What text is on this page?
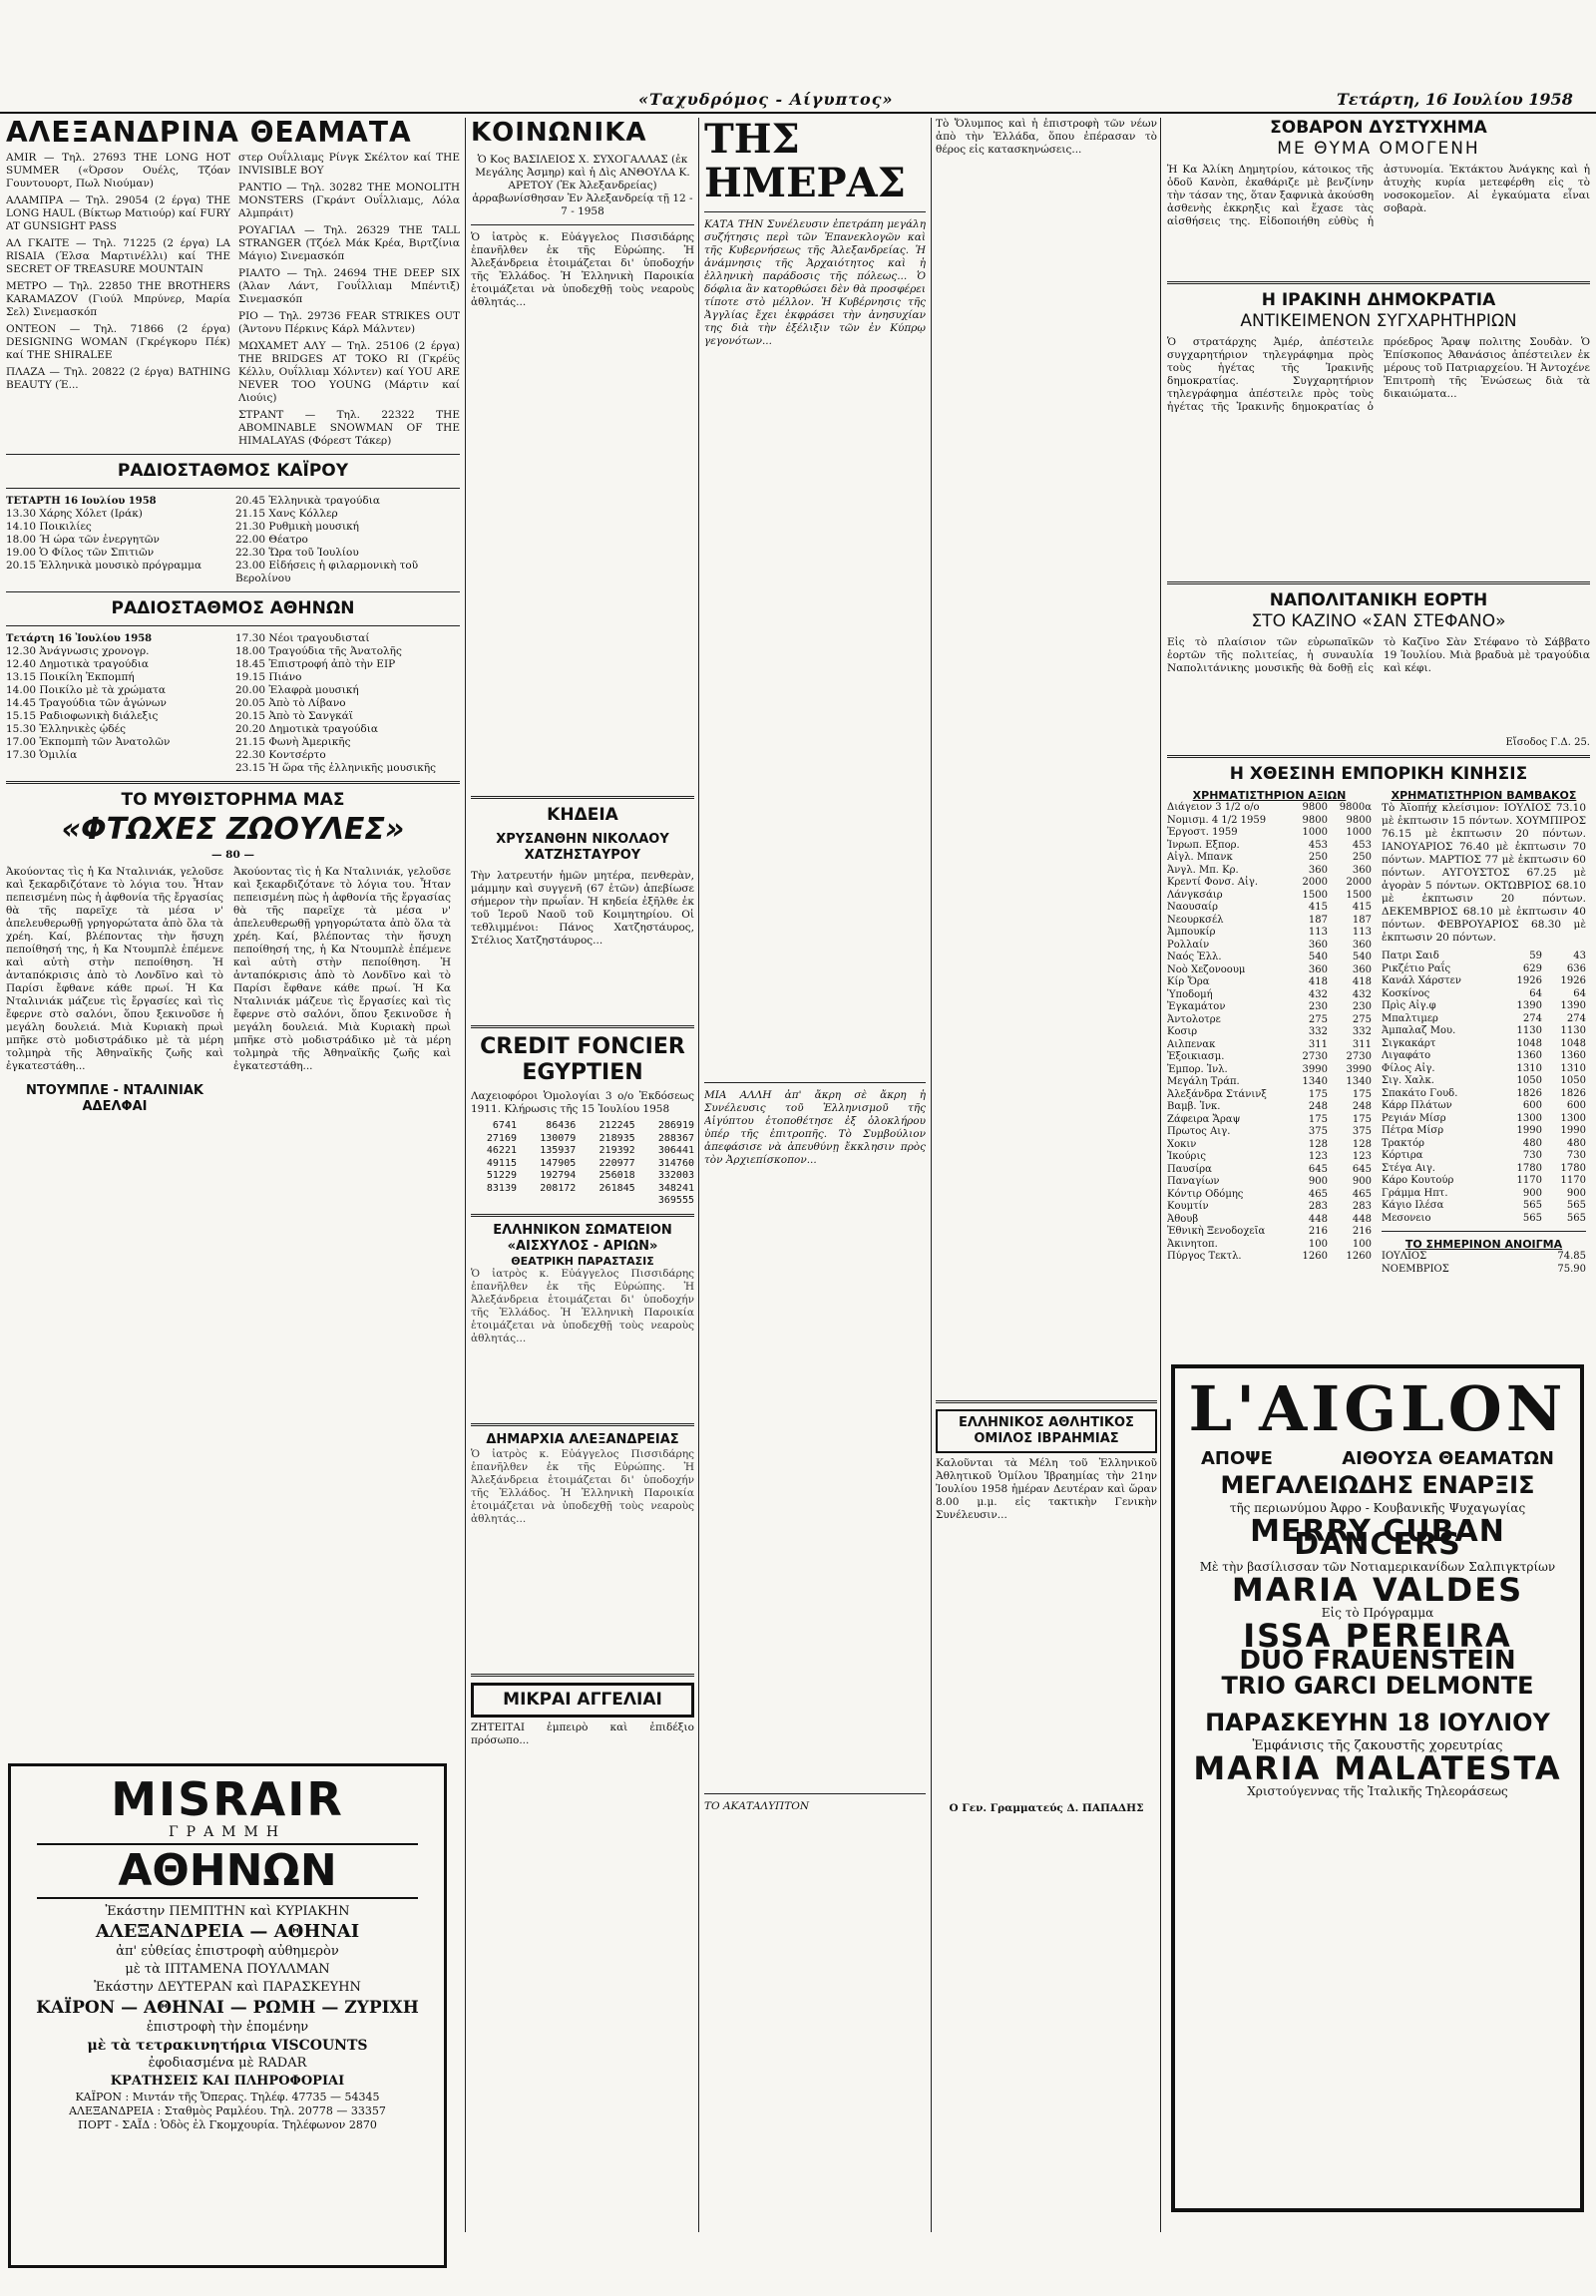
«Ταχυδρόμος - Αίγυπτος»	Τετάρτη, 16 Ιουλίου 1958
ΑΛΕΞΑΝΔΡΙΝΑ ΘΕΑΜΑΤΑ
AMIR — Τηλ. 27693 THE LONG HOT SUMMER («Όρσον Ουέλς, Τζόαν Γουντουορτ, Πωλ Νιούμαν)
ΑΛΑΜΠΡΑ — Τηλ. 29054 (2 έργα) THE LONG HAUL (Βίκτωρ Ματιούρ) καί FURY AT GUNSIGHT PASS
ΑΛ ΓΚΑΙΤΕ — Τηλ. 71225 (2 έργα) LA RISAIA (Έλσα Μαρτινέλλι) καί THE SECRET OF TREASURE MOUNTAIN
ΜΕΤΡΟ — Τηλ. 22850 THE BROTHERS KARAMAZOV (Γιούλ Μπρύνερ, Μαρία Σελ) Σινεμασκόπ
ΟΝΤΕΟΝ — Τηλ. 71866 (2 έργα) DESIGNING WOMAN (Γκρέγκορυ Πέκ) καί THE SHIRALEE
ΠΛΑΖΑ — Τηλ. 20822 (2 έργα) BATHING BEAUTY (Έ...
στερ Ουΐλλιαμς Ρίνγκ Σκέλτον καί THE INVISIBLE BOY
ΡΑΝΤΙΟ — Τηλ. 30282 THE MONOLITH MONSTERS (Γκράντ Ουΐλλιαμς, Λόλα Αλμπράιτ)
ΡΟΥΑΓΙΑΛ — Τηλ. 26329 THE TALL STRANGER (Τζόελ Μάκ Κρέα, Βιρτζίνια Μάγιο) Σινεμασκόπ
ΡΙΑΛΤΟ — Τηλ. 24694 THE DEEP SIX (Άλαν Λάντ, Γουΐλλιαμ Μπέντιξ) Σινεμασκόπ
ΡΙΟ — Τηλ. 29736 FEAR STRIKES OUT (Άντονυ Πέρκινς Κάρλ Μάλντεν)
ΜΩΧΑΜΕΤ ΑΛΥ — Τηλ. 25106 (2 έργα) THE BRIDGES AT TOKO RI (Γκρέϋς Κέλλυ, Ουΐλλιαμ Χόλντεν) καί YOU ARE NEVER TOO YOUNG (Μάρτιν καί Λιούις)
ΣΤΡΑΝΤ — Τηλ. 22322 THE ABOMINABLE SNOWMAN OF THE HIMALAYAS (Φόρεστ Τάκερ)
ΡΑΔΙΟΣΤΑΘΜΟΣ ΚΑΪΡΟΥ
ΤΕΤΑΡΤΗ 16 Ιουλίου 1958
13.30 Χάρης Χόλετ (Ιράκ)
14.10 Ποικιλίες
18.00 Ή ώρα τῶν ἐνεργητῶν
19.00 Ὁ Φίλος τῶν Σπιτιῶν
20.15 Ἑλληνικὰ μουσικὸ πρόγραμμα
20.45 Ἑλληνικὰ τραγούδια
21.15 Χανς Κόλλερ
21.30 Ρυθμικὴ μουσική
22.00 Θέατρο
22.30 Ὥρα τοῦ Ἰουλίου
23.00 Εἰδήσεις ἡ φιλαρμονικὴ τοῦ Βερολίνου
ΡΑΔΙΟΣΤΑΘΜΟΣ ΑΘΗΝΩΝ
Τετάρτη 16 Ἰουλίου 1958
12.30 Ἀνάγνωσις χρονογρ.
12.40 Δημοτικὰ τραγούδια
13.15 Ποικίλη Ἐκπομπή
14.00 Ποικίλο μὲ τὰ χρώματα
14.45 Τραγούδια τῶν ἀγώνων
15.15 Ραδιοφωνικὴ διάλεξις
15.30 Ἑλληνικὲς ᾠδές
17.00 Ἐκπομπὴ τῶν Ἀνατολῶν
17.30 Ὁμιλία
17.30 Νέοι τραγουδισταί
18.00 Τραγούδια τῆς Ἀνατολῆς
18.45 Ἐπιστροφή ἀπὸ τὴν ΕΙΡ
19.15 Πιάνο
20.00 Ἐλαφρὰ μουσική
20.05 Ἀπὸ τὸ Λίβανο
20.15 Ἀπὸ τὸ Σανγκάϊ
20.20 Δημοτικὰ τραγούδια
21.15 Φωνὴ Ἀμερικῆς
22.30 Κοντσέρτο
23.15 Ἡ ὥρα τῆς ἐλληνικῆς μουσικῆς
ΤΟ ΜΥΘΙΣΤΟΡΗΜΑ ΜΑΣ
«ΦΤΩΧΕΣ ΖΩΟΥΛΕΣ»
— 80 —
Ἀκούοντας τὶς ἡ Κα Νταλινιάκ, γελοῦσε καὶ ξεκαρδιζότανε τὸ λόγια του. Ἦταν πεπεισμένη πὼς ἡ ἀφθονία τῆς ἔργασίας θὰ τῆς παρεῖχε τὰ μέσα ν' ἀπελευθερωθῇ γρηγορώτατα ἀπὸ ὅλα τὰ χρέη. Καί, βλέποντας τὴν ἥσυχη πεποίθησή της, ἡ Κα Ντουμπλὲ ἐπέμενε καὶ αὐτὴ στὴν πεποίθηση. Ἡ ἀνταπόκρισις ἀπὸ τὸ Λονδῖνο καὶ τὸ Παρίσι ἔφθανε κάθε πρωί. Ἡ Κα Νταλινιάκ μάζευε τὶς ἔργασίες καὶ τὶς ἔφερνε στὸ σαλόνι, ὅπου ξεκινοῦσε ἡ μεγάλη δουλειά. Μιὰ Κυριακὴ πρωὶ μπῆκε στὸ μοδιστράδικο μὲ τὰ μέρη τολμηρὰ τῆς Ἀθηναϊκῆς ζωῆς καὶ ἐγκατεστάθη...
ΝΤΟΥΜΠΛΕ - ΝΤΑΛΙΝΙΑΚ ΑΔΕΛΦΑΙ
Ἀκούοντας τὶς ἡ Κα Νταλινιάκ, γελοῦσε καὶ ξεκαρδιζότανε τὸ λόγια του. Ἦταν πεπεισμένη πὼς ἡ ἀφθονία τῆς ἔργασίας θὰ τῆς παρεῖχε τὰ μέσα ν' ἀπελευθερωθῇ γρηγορώτατα ἀπὸ ὅλα τὰ χρέη. Καί, βλέποντας τὴν ἥσυχη πεποίθησή της, ἡ Κα Ντουμπλὲ ἐπέμενε καὶ αὐτὴ στὴν πεποίθηση. Ἡ ἀνταπόκρισις ἀπὸ τὸ Λονδῖνο καὶ τὸ Παρίσι ἔφθανε κάθε πρωί. Ἡ Κα Νταλινιάκ μάζευε τὶς ἔργασίες καὶ τὶς ἔφερνε στὸ σαλόνι, ὅπου ξεκινοῦσε ἡ μεγάλη δουλειά. Μιὰ Κυριακὴ πρωὶ μπῆκε στὸ μοδιστράδικο μὲ τὰ μέρη τολμηρὰ τῆς Ἀθηναϊκῆς ζωῆς καὶ ἐγκατεστάθη...
MISRAIR
ΓΡΑΜΜΗ
ΑΘΗΝΩΝ
Ἐκάστην ΠΕΜΠΤΗΝ καὶ ΚΥΡΙΑΚΗΝ
ΑΛΕΞΑΝΔΡΕΙΑ — ΑΘΗΝΑΙ
ἀπ' εὐθείας ἐπιστροφὴ αὐθημερὸν
μὲ τὰ ΙΠΤΑΜΕΝΑ ΠΟΥΛΛΜΑΝ
Ἐκάστην ΔΕΥΤΕΡΑΝ καὶ ΠΑΡΑΣΚΕΥΗΝ
ΚΑΪΡΟΝ — ΑΘΗΝΑΙ — ΡΩΜΗ — ΖΥΡΙΧΗ
ἐπιστροφὴ τὴν ἑπομένην
μὲ τὰ τετρακινητήρια VISCOUNTS
ἐφοδιασμένα μὲ RADAR
ΚΡΑΤΗΣΕΙΣ ΚΑΙ ΠΛΗΡΟΦΟΡΙΑΙ
ΚΑΪΡΟΝ : Μιντάν τῆς Ὄπερας. Τηλέφ. 47735 — 54345
ΑΛΕΞΑΝΔΡΕΙΑ : Σταθμὸς Ραμλέου. Τηλ. 20778 — 33357
ΠΟΡΤ - ΣΑΪΔ : Ὁδὸς ἐλ Γκομχουρία. Τηλέφωνον 2870
ΚΟΙΝΩΝΙΚΑ
Ὁ Κος ΒΑΣΙΛΕΙΟΣ Χ. ΣΥΧΟΓΑΛΛΑΣ (ἐκ Μεγάλης Ἀσμηρ) καὶ ἡ Δὶς ΑΝΘΟΥΛΑ Κ. ΑΡΕΤΟΥ (Ἐκ Ἀλεξανδρείας) ἀρραβωνίσθησαν Ἐν Ἀλεξανδρείᾳ τῇ 12 - 7 - 1958
Ὁ ἰατρὸς κ. Εὐάγγελος Πισσιδάρης ἐπανῆλθεν ἐκ τῆς Εὐρώπης. Ἡ Ἀλεξάνδρεια ἑτοιμάζεται δι' ὑποδοχήν τῆς Ἑλλάδος. Ἡ Ἑλληνικὴ Παροικία ἑτοιμάζεται νὰ ὑποδεχθῇ τοὺς νεαροὺς ἀθλητάς...
ΚΗΔΕΙΑ
ΧΡΥΣΑΝΘΗΝ ΝΙΚΟΛΑΟΥ ΧΑΤΖΗΣΤΑΥΡΟΥ
Τὴν λατρευτήν ἡμῶν μητέρα, πενθερὰν, μάμμην καὶ συγγενῆ (67 ἐτῶν) ἀπεβίωσε σήμερον τὴν πρωΐαν. Ἡ κηδεία ἐξῆλθε ἐκ τοῦ Ἱεροῦ Ναοῦ τοῦ Κοιμητηρίου. Οἱ τεθλιμμένοι: Πάνος Χατζηστάυρος, Στέλιος Χατζηστάυρος...
CREDIT FONCIER EGYPTIEN
Λαχειοφόροι Ὁμολογίαι 3 ο/ο Ἐκδόσεως 1911. Κλήρωσις τῆς 15 Ἰουλίου 1958
6741	86436	212245	286919
27169	130079	218935	288367
46221	135937	219392	306441
49115	147905	220977	314760
51229	192794	256018	332003
83139	208172	261845	348241
369555
ΕΛΛΗΝΙΚΟΝ ΣΩΜΑΤΕΙΟΝ «ΑΙΣΧΥΛΟΣ - ΑΡΙΩΝ»
ΘΕΑΤΡΙΚΗ ΠΑΡΑΣΤΑΣΙΣ
Ὁ ἰατρὸς κ. Εὐάγγελος Πισσιδάρης ἐπανῆλθεν ἐκ τῆς Εὐρώπης. Ἡ Ἀλεξάνδρεια ἑτοιμάζεται δι' ὑποδοχήν τῆς Ἑλλάδος. Ἡ Ἑλληνικὴ Παροικία ἑτοιμάζεται νὰ ὑποδεχθῇ τοὺς νεαροὺς ἀθλητάς...
ΔΗΜΑΡΧΙΑ ΑΛΕΞΑΝΔΡΕΙΑΣ
Ὁ ἰατρὸς κ. Εὐάγγελος Πισσιδάρης ἐπανῆλθεν ἐκ τῆς Εὐρώπης. Ἡ Ἀλεξάνδρεια ἑτοιμάζεται δι' ὑποδοχήν τῆς Ἑλλάδος. Ἡ Ἑλληνικὴ Παροικία ἑτοιμάζεται νὰ ὑποδεχθῇ τοὺς νεαροὺς ἀθλητάς...
ΜΙΚΡΑΙ ΑΓΓΕΛΙΑΙ
ΖΗΤΕΙΤΑΙ ἐμπειρὸ καὶ ἐπιδέξιο πρόσωπο...
ΤΗΣ ΗΜΕΡΑΣ
ΚΑΤΑ ΤΗΝ Συνέλευσιν ἐπετράπη μεγάλη συζήτησις περὶ τῶν Ἐπανεκλογῶν καὶ τῆς Κυβερνήσεως τῆς Ἀλεξανδρείας. Ἡ ἀνάμνησις τῆς Ἀρχαιότητος καὶ ἡ ἑλληνικὴ παράδοσις τῆς πόλεως... Ὁ δόφλια ἂν κατορθώσει δὲν θὰ προσφέρει τίποτε στὸ μέλλον. Ἡ Κυβέρνησις τῆς Ἀγγλίας ἔχει ἐκφράσει τὴν ἀνησυχίαν της διὰ τὴν ἐξέλιξιν τῶν ἐν Κύπρῳ γεγονότων...
ΜΙΑ ΑΛΛΗ ἀπ' ἄκρη σὲ ἄκρη ἡ Συνέλευσις τοῦ Ἑλληνισμοῦ τῆς Αἰγύπτου ἐτοποθέτησε ἐξ ὁλοκλήρου ὑπέρ τῆς ἐπιτροπῆς. Τὸ Συμβούλιον ἀπεφάσισε νὰ ἀπευθύνῃ ἔκκλησιν πρὸς τὸν Ἀρχιεπίσκοπον...
ΤΟ ΑΚΑΤΑΛΥΠΤΟΝ
Τὸ Ὄλυμπος καὶ ἡ ἐπιστροφὴ τῶν νέων ἀπὸ τὴν Ἑλλάδα, ὅπου ἐπέρασαν τὸ θέρος εἰς κατασκηνώσεις...
ΕΛΛΗΝΙΚΟΣ ΑΘΛΗΤΙΚΟΣ ΟΜΙΛΟΣ ΙΒΡΑΗΜΙΑΣ
Καλοῦνται τὰ Μέλη τοῦ Ἑλληνικοῦ Ἀθλητικοῦ Ὁμίλου Ἰβραημίας τὴν 21ην Ἰουλίου 1958 ἡμέραν Δευτέραν καὶ ὥραν 8.00 μ.μ. εἰς τακτικὴν Γενικὴν Συνέλευσιν...
Ο Γεν. Γραμματεύς Δ. ΠΑΠΑΔΗΣ
ΣΟΒΑΡΟΝ ΔΥΣΤΥΧΗΜΑ
ΜΕ ΘΥΜΑ ΟΜΟΓΕΝΗ
Ἡ Κα Ἀλίκη Δημητρίου, κάτοικος τῆς ὁδοῦ Κανὸπ, ἐκαθάριζε μὲ βενζίνην τὴν τάσαν της, ὅταν ξαφνικὰ ἀκούσθη ἀσθενὴς ἐκκρηξις καὶ ἔχασε τὰς αἰσθήσεις της. Εἰδοποιήθη εὐθὺς ἡ ἀστυνομία. Ἐκτάκτου Ἀνάγκης καὶ ἡ ἀτυχὴς κυρία μετεφέρθη εἰς τὸ νοσοκομεῖον. Αἱ ἐγκαύματα εἶναι σοβαρὰ.
Η ΙΡΑΚΙΝΗ ΔΗΜΟΚΡΑΤΙΑ
ΑΝΤΙΚΕΙΜΕΝΟΝ ΣΥΓΧΑΡΗΤΗΡΙΩΝ
Ὁ στρατάρχης Ἀμέρ, ἀπέστειλε συγχαρητήριον τηλεγράφημα πρὸς τοὺς ἡγέτας τῆς Ἰρακινῆς δημοκρατίας. Συγχαρητήριον τηλεγράφημα ἀπέστειλε πρὸς τοὺς ἠγέτας τῆς Ἰρακινῆς δημοκρατίας ὁ πρόεδρος Ἄραψ πολιτης Σουδὰν. Ὁ Ἐπίσκοπος Ἀθανάσιος ἀπέστειλεν ἐκ μέρους τοῦ Πατριαρχείου. Ἡ Ἀντοχένε Ἐπιτροπὴ τῆς Ἑνώσεως διὰ τὰ δικαιώματα...
ΝΑΠΟΛΙΤΑΝΙΚΗ ΕΟΡΤΗ
ΣΤΟ ΚΑΖΙΝΟ «ΣΑΝ ΣΤΕΦΑΝΟ»
Εἰς τὸ πλαίσιον τῶν εὐρωπαϊκῶν ἑορτῶν τῆς πολιτείας, ἡ συναυλία Ναπολιτάνικης μουσικῆς θὰ δοθῇ εἰς τὸ Καζῖνο Σὰν Στέφανο τὸ Σάββατο 19 Ἰουλίου. Μιὰ βραδυὰ μὲ τραγούδια καὶ κέφι.
Εἴσοδος Γ.Δ. 25.
Η ΧΘΕΣΙΝΗ ΕΜΠΟΡΙΚΗ ΚΙΝΗΣΙΣ
ΧΡΗΜΑΤΙΣΤΗΡΙΟΝ ΑΞΙΩΝ
Διάγειον 3 1/2 ο/ο	9800	9800α
Νομισμ. 4 1/2 1959	9800	9800
Ἐργοστ. 1959	1000	1000
Ἰνρωπ. Εξπορ.	453	453
Αἰγλ. Μπανκ	250	250
Ἀνγλ. Μπ. Κρ.	360	360
Κρεντί Φονσ. Αἰγ.	2000	2000
Λάνγκσάιρ	1500	1500
Ναουσαίρ	415	415
Νεουρκσέλ	187	187
Ἀμπουκίρ	113	113
Ρολλαίν	360	360
Ναός Ἑλλ.	540	540
Νοὸ Χεζονοουμ	360	360
Κίρ Ὄρα	418	418
Ὑποδομή	432	432
Ἐγκαμάτον	230	230
Ἀντολοτρε	275	275
Κοσιρ	332	332
Αιλπενακ	311	311
Ἐξοικιασμ.	2730	2730
Ἐμπορ. Ἰνλ.	3990	3990
Μεγάλη Τράπ.	1340	1340
Ἀλεξάνδρα Στάνινξ	175	175
Βαμβ. Ἰνκ.	248	248
Ζάφειρα Ἄραψ	175	175
Πρωτος Αιγ.	375	375
Χοκιν	128	128
Ἰκούρις	123	123
Παυσίρα	645	645
Παναγίων	900	900
Κόντιρ Οδόμης	465	465
Κουμτίν	283	283
Ἀθουβ	448	448
Ἐθνικὴ Ξενοδοχεῖα	216	216
Ἀκινητοπ.	100	100
Πύργος Τεκτλ.	1260	1260
ΧΡΗΜΑΤΙΣΤΗΡΙΟΝ ΒΑΜΒΑΚΟΣ
Τὸ Ἀϊοπήχ κλείσιμον: ΙΟΥΛΙΟΣ 73.10 μὲ ἐκπτωσιν 15 πόντων. ΧΟΥΜΠΙΡΟΣ 76.15 μὲ ἐκπτωσιν 20 πόντων. ΙΑΝΟΥΑΡΙΟΣ 76.40 μὲ ἐκπτωσιν 70 πόντων. ΜΑΡΤΙΟΣ 77 μὲ ἐκπτωσιν 60 πόντων. ΑΥΓΟΥΣΤΟΣ 67.25 μὲ ἀγορὰν 5 πόντων. ΟΚΤΩΒΡΙΟΣ 68.10 μὲ ἐκπτωσιν 20 πόντων. ΔΕΚΕΜΒΡΙΟΣ 68.10 μὲ ἐκπτωσιν 40 πόντων. ΦΕΒΡΟΥΑΡΙΟΣ 68.30 μὲ ἐκπτωσιν 20 πόντων.
Πατρι Σαιδ	59	43
Ρικζέτιο Ραΐς	629	636
Κανάλ Χάρστεν	1926	1926
Κοσκίνος	64	64
Πρὶς Αἰγ.φ	1390	1390
Μπαλτιμερ	274	274
Ἀμπαλαζ Μου.	1130	1130
Σιγκακάρτ	1048	1048
Λιγαφάτο	1360	1360
Φίλος Αἰγ.	1310	1310
Σιγ. Χαλκ.	1050	1050
Σπακάτο Γουδ.	1826	1826
Κάρρ Πλάτων	600	600
Ρεγιάν Μίσρ	1300	1300
Πέτρα Μίσρ	1990	1990
Τρακτόρ	480	480
Κόρτιρα	730	730
Στέγα Αιγ.	1780	1780
Κάρο Κουτούρ	1170	1170
Γράμμα Ηπτ.	900	900
Κάγιο Ιλέσα	565	565
Μεσονειο	565	565
ΤΟ ΣΗΜΕΡΙΝΟΝ ΑΝΟΙΓΜΑ
ΙΟΥΛΙΟΣ	74.85
ΝΟΕΜΒΡΙΟΣ	75.90
L'AIGLON
ΑΠΟΨΕ	ΑΙΘΟΥΣΑ ΘΕΑΜΑΤΩΝ
ΜΕΓΑΛΕΙΩΔΗΣ ΕΝΑΡΞΙΣ
τῆς περιωνύμου Ἀφρο - Κουβανικῆς Ψυχαγωγίας
MERRY CUBAN DANCERS
Μὲ τὴν βασίλισσαν τῶν Νοτιαμερικανίδων Σαλπιγκτρίων
MARIA VALDES
Εἰς τὸ Πρόγραμμα
ISSA PEREIRA
DUO FRAUENSTEIN
TRIO GARCI DELMONTE
ΠΑΡΑΣΚΕΥΗΝ 18 ΙΟΥΛΙΟΥ
Ἐμφάνισις τῆς ζακουστῆς χορευτρίας
MARIA MALATESTA
Χριστούγεννας τῆς Ἰταλικῆς Τηλεοράσεως
